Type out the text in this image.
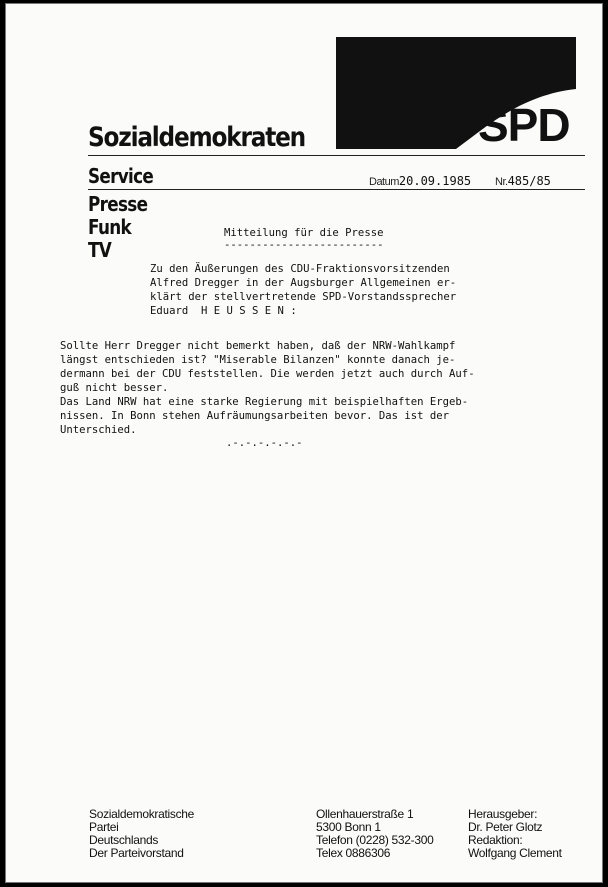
SPD
Sozialdemokraten
Service	Datum20.09.1985 Nr.485/85
Presse
Funk
TV
Mitteilung für die Presse
-------------------------
Zu den Äußerungen des CDU-Fraktionsvorsitzenden
Alfred Dregger in der Augsburger Allgemeinen er-
klärt der stellvertretende SPD-Vorstandssprecher
Eduard  H E U S S E N :
Sollte Herr Dregger nicht bemerkt haben, daß der NRW-Wahlkampf
längst entschieden ist? "Miserable Bilanzen" konnte danach je-
dermann bei der CDU feststellen. Die werden jetzt auch durch Auf-
guß nicht besser.
Das Land NRW hat eine starke Regierung mit beispielhaften Ergeb-
nissen. In Bonn stehen Aufräumungsarbeiten bevor. Das ist der
Unterschied.
.-.-.-.-.-.-
Sozialdemokratische
Partei
Deutschlands
Der Parteivorstand
Ollenhauerstraße 1
5300 Bonn 1
Telefon (0228) 532-300
Telex 0886306
Herausgeber:
Dr. Peter Glotz
Redaktion:
Wolfgang Clement
